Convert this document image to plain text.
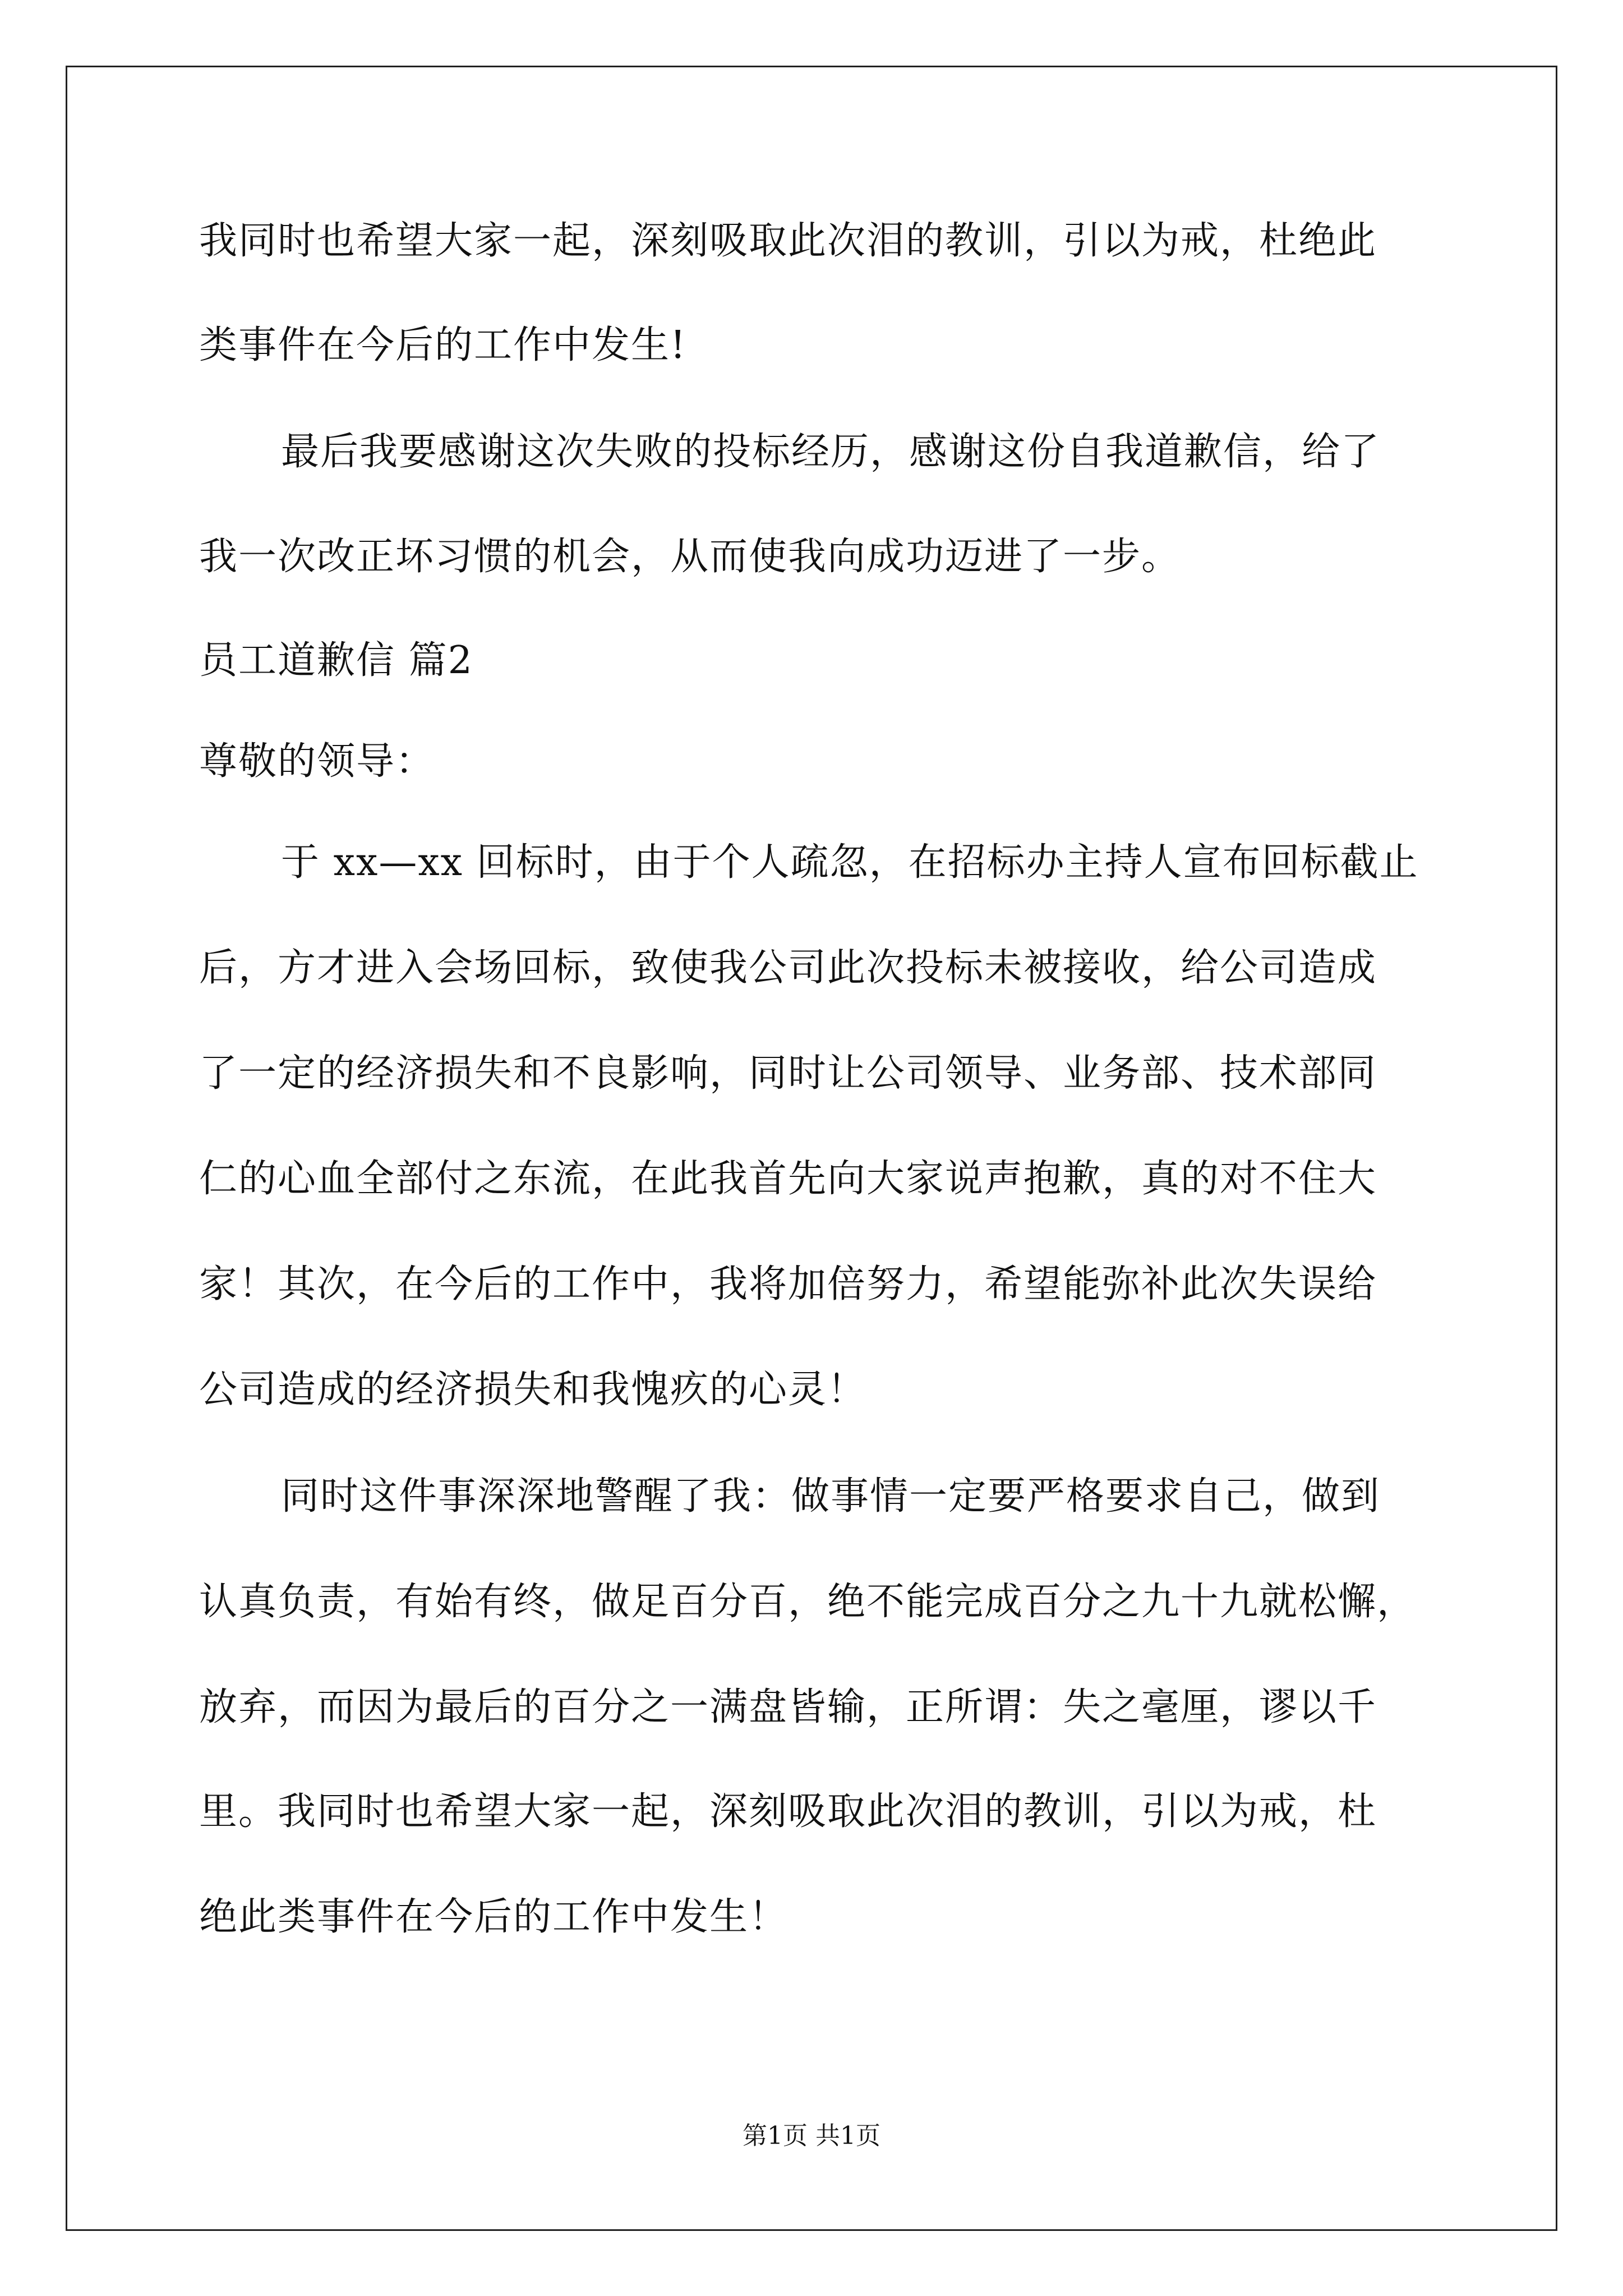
我同时也希望大家一起，深刻吸取此次泪的教训，引以为戒，杜绝此
类事件在今后的工作中发生!
最后我要感谢这次失败的投标经历，感谢这份自我道歉信，给了
我一次改正坏习惯的机会，从而使我向成功迈进了一步。
员工道歉信 篇2
尊敬的领导：
于 xx—xx 回标时，由于个人疏忽，在招标办主持人宣布回标截止
后，方才进入会场回标，致使我公司此次投标未被接收，给公司造成
了一定的经济损失和不良影响，同时让公司领导、业务部、技术部同
仁的心血全部付之东流，在此我首先向大家说声抱歉，真的对不住大
家！其次，在今后的工作中，我将加倍努力，希望能弥补此次失误给
公司造成的经济损失和我愧疚的心灵！
同时这件事深深地警醒了我：做事情一定要严格要求自己，做到
认真负责，有始有终，做足百分百，绝不能完成百分之九十九就松懈，
放弃，而因为最后的百分之一满盘皆输，正所谓：失之毫厘，谬以千
里。我同时也希望大家一起，深刻吸取此次泪的教训，引以为戒，杜
绝此类事件在今后的工作中发生！
第1页 共1页
